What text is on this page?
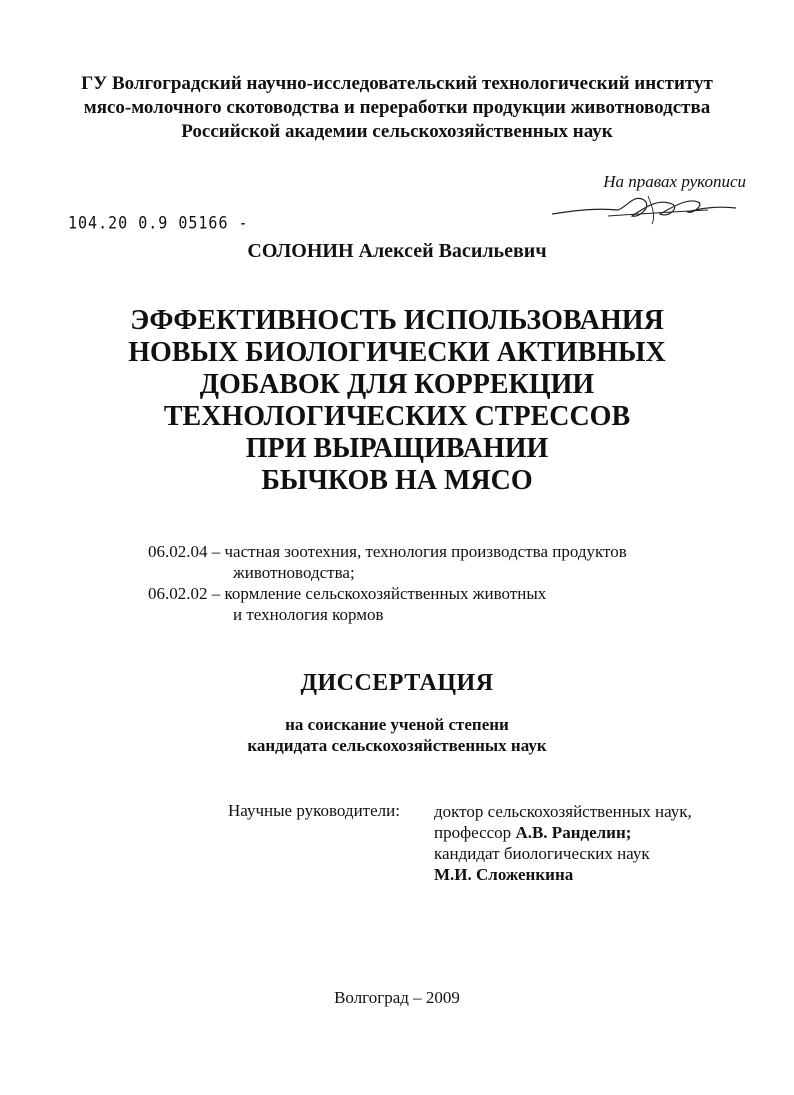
ГУ Волгоградский научно-исследовательский технологический институт
мясо-молочного скотоводства и переработки продукции животноводства
Российской академии сельскохозяйственных наук
На правах рукописи
104.20 0.9 05166 -
СОЛОНИН Алексей Васильевич
ЭФФЕКТИВНОСТЬ ИСПОЛЬЗОВАНИЯ
НОВЫХ БИОЛОГИЧЕСКИ АКТИВНЫХ
ДОБАВОК ДЛЯ КОРРЕКЦИИ
ТЕХНОЛОГИЧЕСКИХ СТРЕССОВ
ПРИ ВЫРАЩИВАНИИ
БЫЧКОВ НА МЯСО
06.02.04 – частная зоотехния, технология производства продуктов
животноводства;
06.02.02 – кормление сельскохозяйственных животных
и технология кормов
ДИССЕРТАЦИЯ
на соискание ученой степени
кандидата сельскохозяйственных наук
Научные руководители: доктор сельскохозяйственных наук,
профессор А.В. Ранделин;
кандидат биологических наук
М.И. Сложенкина
Волгоград – 2009
